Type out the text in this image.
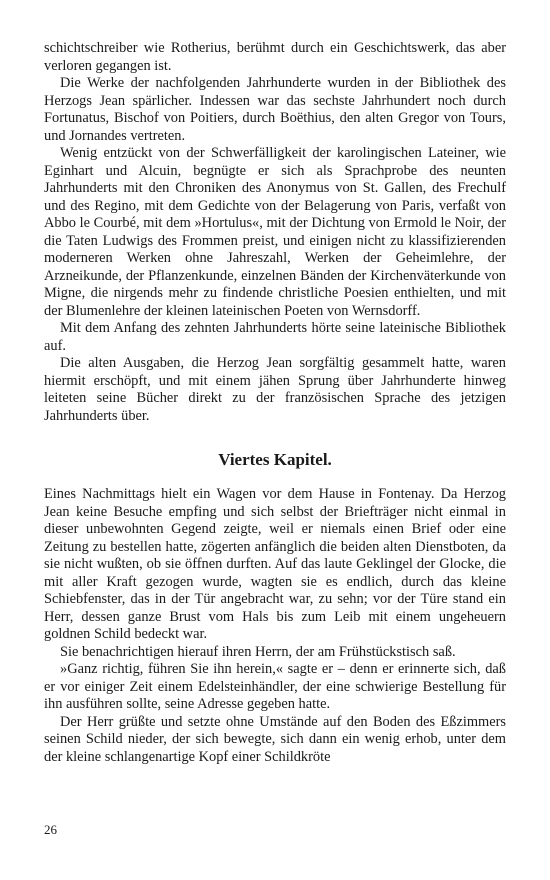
schichtschreiber wie Rotherius, berühmt durch ein Geschichtswerk, das aber verloren gegangen ist.

Die Werke der nachfolgenden Jahrhunderte wurden in der Bibliothek des Herzogs Jean spärlicher. Indessen war das sechste Jahrhundert noch durch Fortunatus, Bischof von Poitiers, durch Boëthius, den alten Gregor von Tours, und Jornandes vertreten.

Wenig entzückt von der Schwerfälligkeit der karolingischen Lateiner, wie Eginhart und Alcuin, begnügte er sich als Sprachprobe des neunten Jahrhunderts mit den Chroniken des Anonymus von St. Gallen, des Frechulf und des Regino, mit dem Gedichte von der Belagerung von Paris, verfaßt von Abbo le Courbé, mit dem »Hortulus«, mit der Dichtung von Ermold le Noir, der die Taten Ludwigs des Frommen preist, und einigen nicht zu klassifizierenden moderneren Werken ohne Jahreszahl, Werken der Geheimlehre, der Arzneikunde, der Pflanzenkunde, einzelnen Bänden der Kirchenväterkunde von Migne, die nirgends mehr zu findende christliche Poesien enthielten, und mit der Blumenlehre der kleinen lateinischen Poeten von Wernsdorff.

Mit dem Anfang des zehnten Jahrhunderts hörte seine lateinische Bibliothek auf.

Die alten Ausgaben, die Herzog Jean sorgfältig gesammelt hatte, waren hiermit erschöpft, und mit einem jähen Sprung über Jahrhunderte hinweg leiteten seine Bücher direkt zu der französischen Sprache des jetzigen Jahrhunderts über.

Viertes Kapitel.

Eines Nachmittags hielt ein Wagen vor dem Hause in Fontenay. Da Herzog Jean keine Besuche empfing und sich selbst der Briefträger nicht einmal in dieser unbewohnten Gegend zeigte, weil er niemals einen Brief oder eine Zeitung zu bestellen hatte, zögerten anfänglich die beiden alten Dienstboten, da sie nicht wußten, ob sie öffnen durften. Auf das laute Geklingel der Glocke, die mit aller Kraft gezogen wurde, wagten sie es endlich, durch das kleine Schiebfenster, das in der Tür angebracht war, zu sehn; vor der Türe stand ein Herr, dessen ganze Brust vom Hals bis zum Leib mit einem ungeheuern goldnen Schild bedeckt war.

Sie benachrichtigen hierauf ihren Herrn, der am Frühstückstisch saß.

»Ganz richtig, führen Sie ihn herein,« sagte er – denn er erinnerte sich, daß er vor einiger Zeit einem Edelsteinhändler, der eine schwierige Bestellung für ihn ausführen sollte, seine Adresse gegeben hatte.

Der Herr grüßte und setzte ohne Umstände auf den Boden des Eßzimmers seinen Schild nieder, der sich bewegte, sich dann ein wenig erhob, unter dem der kleine schlangenartige Kopf einer Schildkröte

26
